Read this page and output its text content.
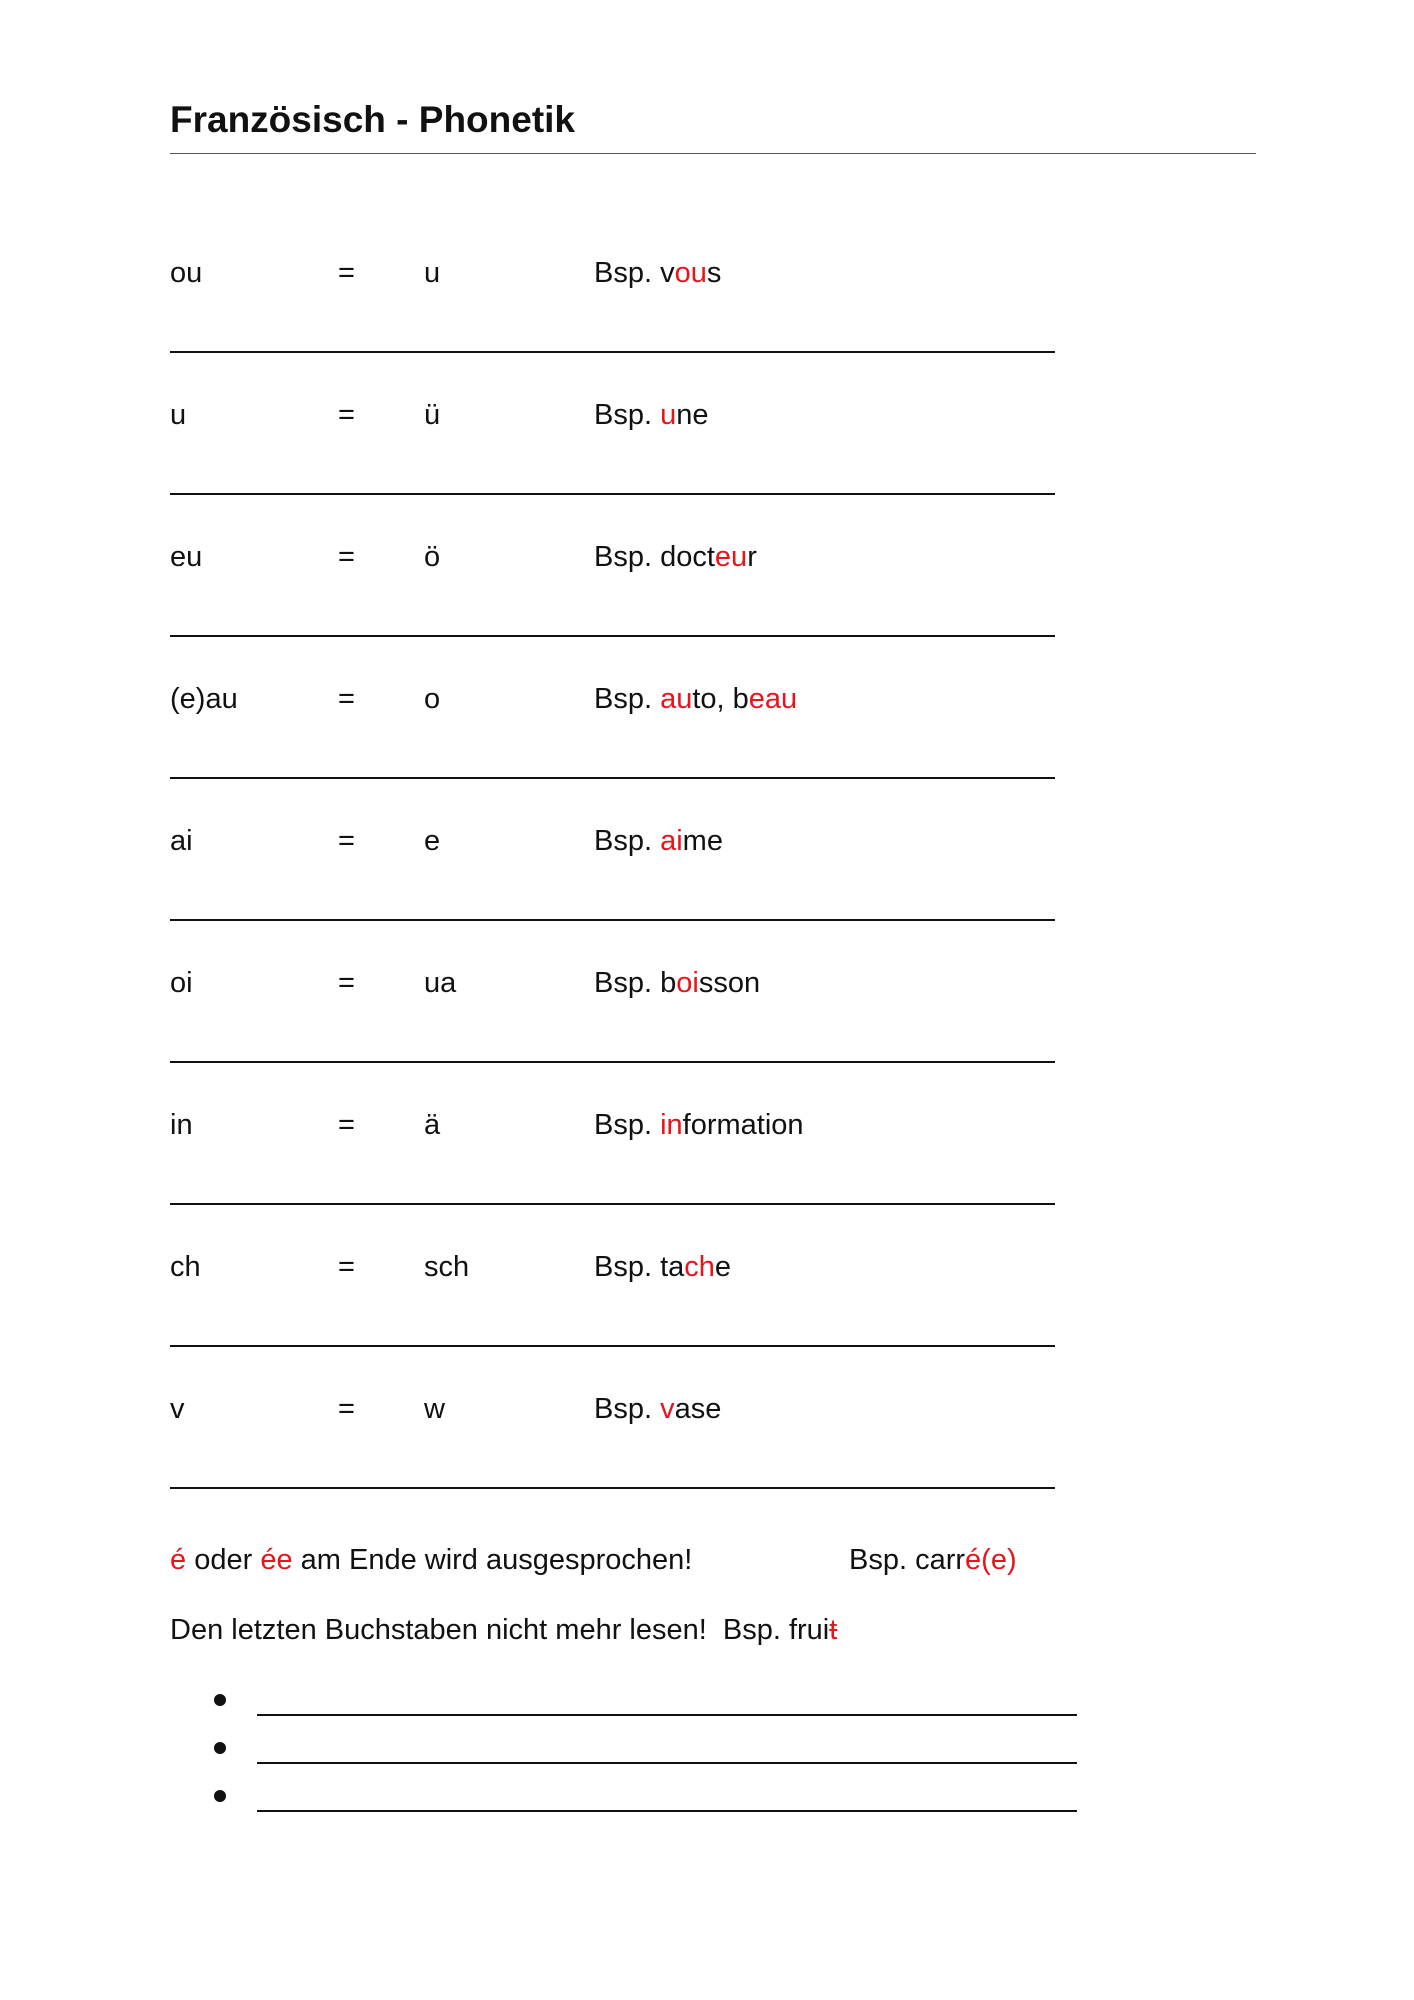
Französisch - Phonetik
ou	= u	Bsp. vous
u	= ü	Bsp. une
eu	= ö	Bsp. docteur
(e)au	= o	Bsp. auto, beau
ai	= e	Bsp. aime
oi	= ua	Bsp. boisson
in	= ä	Bsp. information
ch	= sch	Bsp. tache
v	= w	Bsp. vase
é oder ée am Ende wird ausgesprochen!	Bsp. carré(e)
Den letzten Buchstaben nicht mehr lesen! Bsp. fruit
